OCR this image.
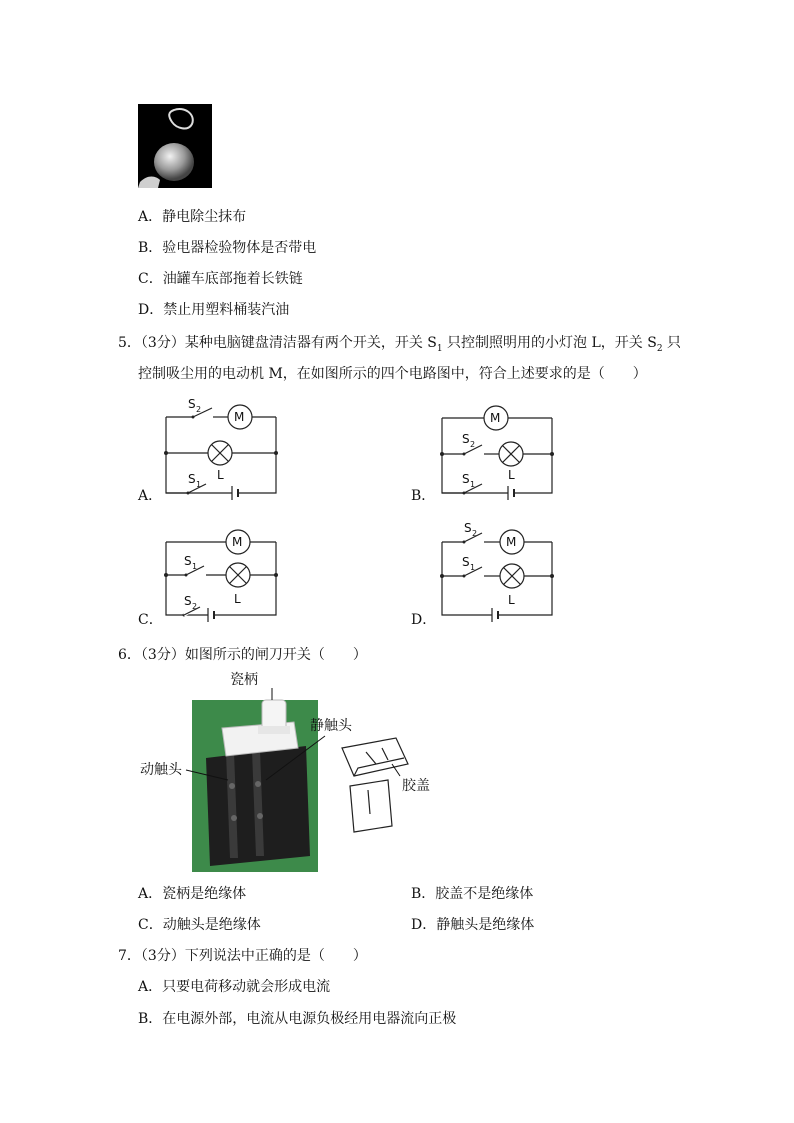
A．静电除尘抹布
B．验电器检验物体是否带电
C．油罐车底部拖着长铁链
D．禁止用塑料桶装汽油
5．（3分）某种电脑键盘清洁器有两个开关，开关 $S_1$ 只控制照明用的小灯泡 L，开关 $S_2$ 只
控制吸尘用的电动机 M，在如图所示的四个电路图中，符合上述要求的是（　　）
M
S 2
L
S 1
A．
M
S 2
L
S 1
B．
M
S 1
L
S 2
C．
S 2
M
S 1
L
D．
6．（3分）如图所示的闸刀开关（　　）
瓷柄
静触头
动触头
胶盖
A．瓷柄是绝缘体	B．胶盖不是绝缘体
C．动触头是绝缘体	D．静触头是绝缘体
7．（3分）下列说法中正确的是（　　）
A．只要电荷移动就会形成电流
B．在电源外部，电流从电源负极经用电器流向正极
